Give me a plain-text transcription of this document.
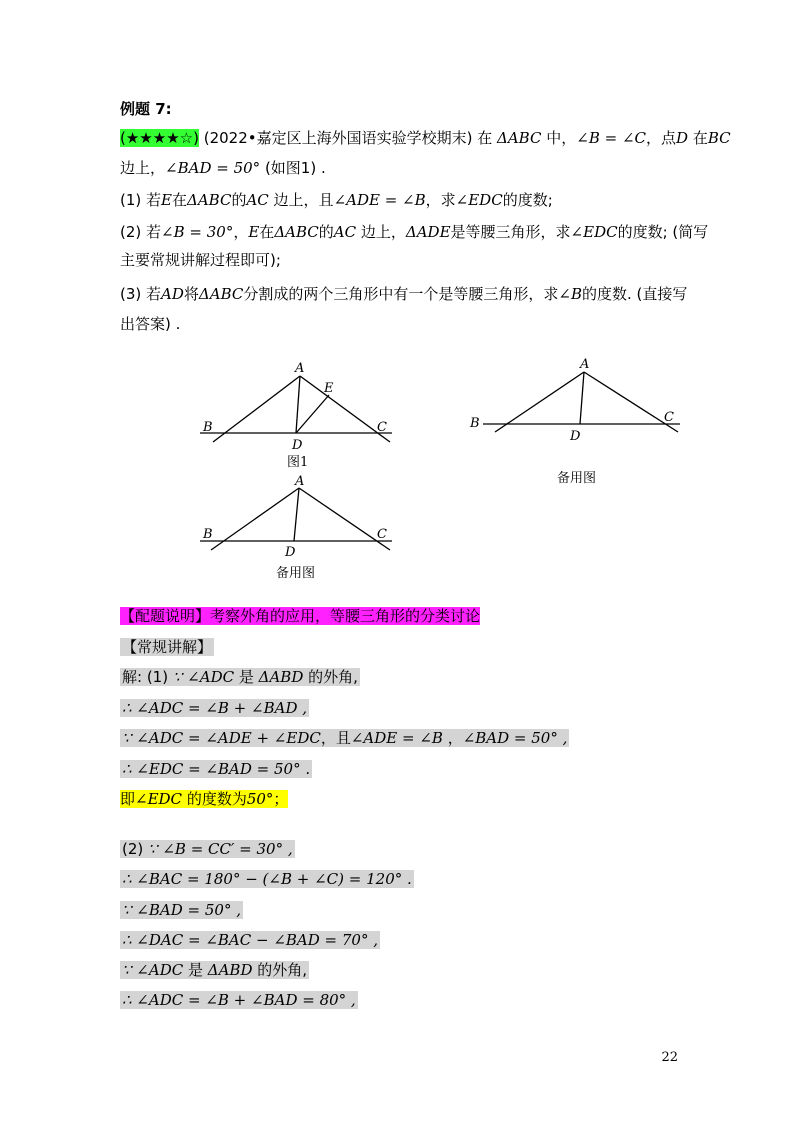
例题 7:
(★★★★☆) (2022•嘉定区上海外国语实验学校期末) 在 ΔABC 中，∠B = ∠C，点D 在BC
边上，∠BAD = 50° (如图1) .
(1) 若E在ΔABC的AC 边上，且∠ADE = ∠B，求∠EDC的度数;
(2) 若∠B = 30°，E在ΔABC的AC 边上，ΔADE是等腰三角形，求∠EDC的度数; (简写
主要常规讲解过程即可);
(3) 若AD将ΔABC分割成的两个三角形中有一个是等腰三角形，求∠B的度数. (直接写
出答案) .
A
B	C
D
E
图1
A
B	C
D
备用图
A
B	C
D
备用图
【配题说明】考察外角的应用，等腰三角形的分类讨论
【常规讲解】
解: (1) ∵ ∠ADC 是 ΔABD 的外角,
∴ ∠ADC = ∠B + ∠BAD ,
∵ ∠ADC = ∠ADE + ∠EDC，且∠ADE = ∠B ，∠BAD = 50° ,
∴ ∠EDC = ∠BAD = 50° .
即∠EDC 的度数为50°；
(2) ∵ ∠B = CC′ = 30° ,
∴ ∠BAC = 180° − (∠B + ∠C) = 120° .
∵ ∠BAD = 50° ,
∴ ∠DAC = ∠BAC − ∠BAD = 70° ,
∵ ∠ADC 是 ΔABD 的外角,
∴ ∠ADC = ∠B + ∠BAD = 80° ,
22
